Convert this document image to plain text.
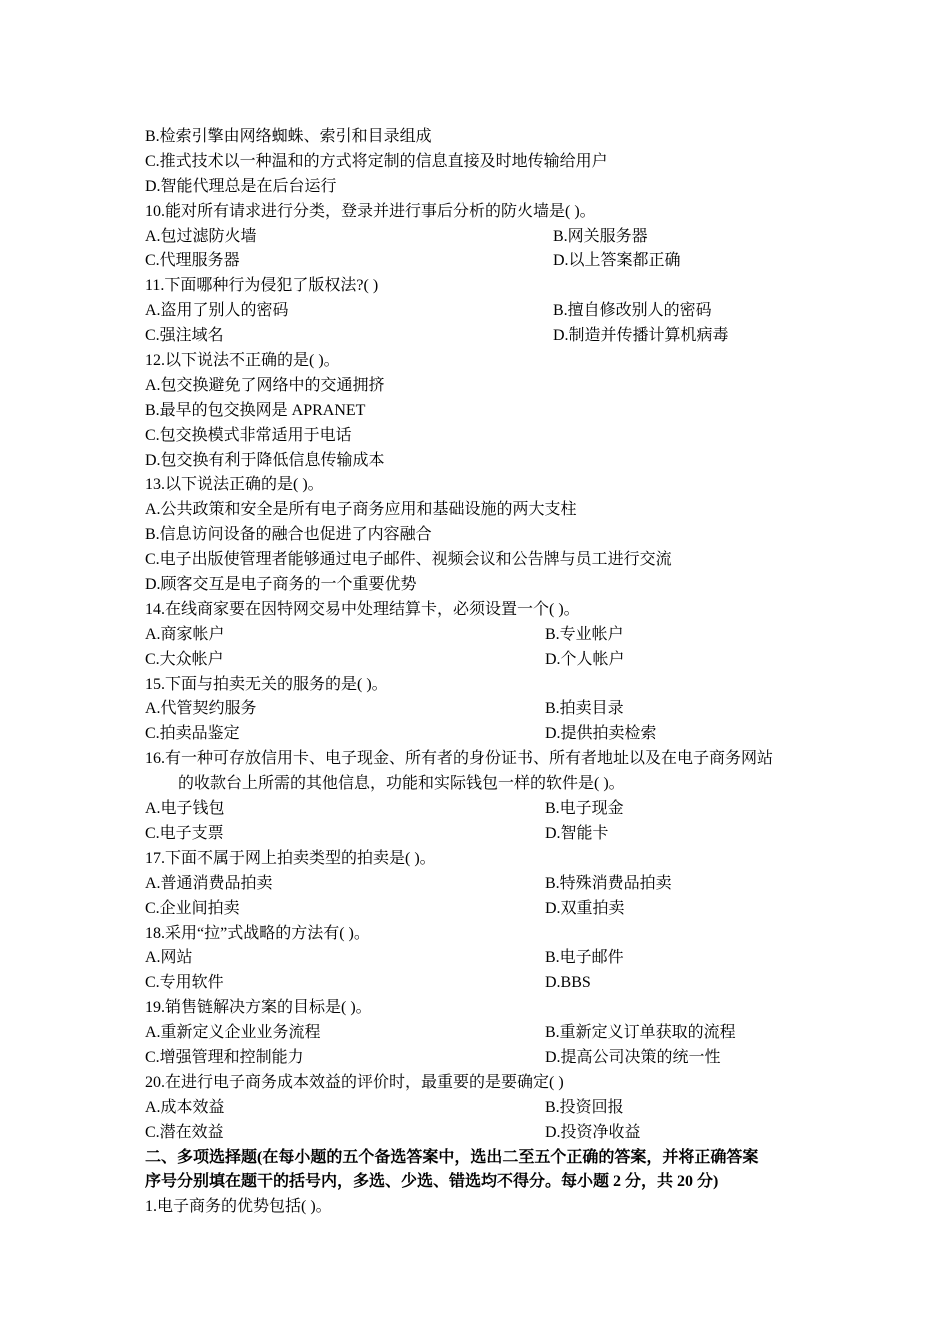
B.检索引擎由网络蜘蛛、索引和目录组成
C.推式技术以一种温和的方式将定制的信息直接及时地传输给用户
D.智能代理总是在后台运行
10.能对所有请求进行分类，登录并进行事后分析的防火墙是( )。
A.包过滤防火墙	B.网关服务器
C.代理服务器	D.以上答案都正确
11.下面哪种行为侵犯了版权法?( )
A.盗用了别人的密码	B.擅自修改别人的密码
C.强注域名	D.制造并传播计算机病毒
12.以下说法不正确的是( )。
A.包交换避免了网络中的交通拥挤
B.最早的包交换网是 APRANET
C.包交换模式非常适用于电话
D.包交换有利于降低信息传输成本
13.以下说法正确的是( )。
A.公共政策和安全是所有电子商务应用和基础设施的两大支柱
B.信息访问设备的融合也促进了内容融合
C.电子出版使管理者能够通过电子邮件、视频会议和公告牌与员工进行交流
D.顾客交互是电子商务的一个重要优势
14.在线商家要在因特网交易中处理结算卡，必须设置一个( )。
A.商家帐户	B.专业帐户
C.大众帐户	D.个人帐户
15.下面与拍卖无关的服务的是( )。
A.代管契约服务	B.拍卖目录
C.拍卖品鉴定	D.提供拍卖检索
16.有一种可存放信用卡、电子现金、所有者的身份证书、所有者地址以及在电子商务网站
的收款台上所需的其他信息，功能和实际钱包一样的软件是( )。
A.电子钱包	B.电子现金
C.电子支票	D.智能卡
17.下面不属于网上拍卖类型的拍卖是( )。
A.普通消费品拍卖	B.特殊消费品拍卖
C.企业间拍卖	D.双重拍卖
18.采用“拉”式战略的方法有( )。
A.网站	B.电子邮件
C.专用软件	D.BBS
19.销售链解决方案的目标是( )。
A.重新定义企业业务流程	B.重新定义订单获取的流程
C.增强管理和控制能力	D.提高公司决策的统一性
20.在进行电子商务成本效益的评价时，最重要的是要确定( )
A.成本效益	B.投资回报
C.潜在效益	D.投资净收益
二、多项选择题(在每小题的五个备选答案中，选出二至五个正确的答案，并将正确答案
序号分别填在题干的括号内，多选、少选、错选均不得分。每小题 2 分，共 20 分)
1.电子商务的优势包括( )。
